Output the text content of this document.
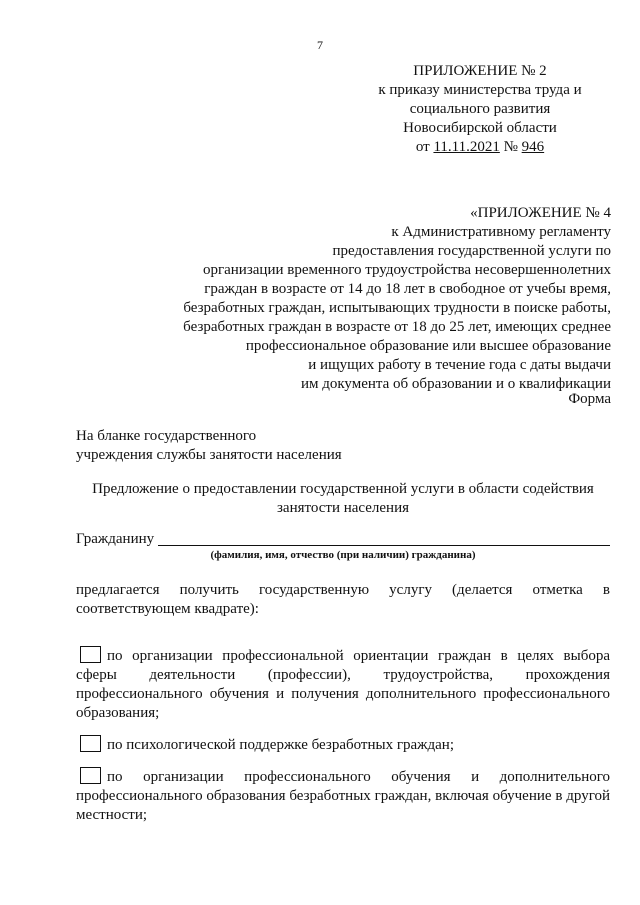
7
ПРИЛОЖЕНИЕ № 2
к приказу министерства труда и
социального развития
Новосибирской области
от 11.11.2021 № 946
«ПРИЛОЖЕНИЕ № 4
к Административному регламенту
предоставления государственной услуги по
организации временного трудоустройства несовершеннолетних
граждан в возрасте от 14 до 18 лет в свободное от учебы время,
безработных граждан, испытывающих трудности в поиске работы,
безработных граждан в возрасте от 18 до 25 лет, имеющих среднее
профессиональное образование или высшее образование
и ищущих работу в течение года с даты выдачи
им документа об образовании и о квалификации
Форма
На бланке государственного
учреждения службы занятости населения
Предложение о предоставлении государственной услуги в области содействия
занятости населения
Гражданину
(фамилия, имя, отчество (при наличии) гражданина)
предлагается получить государственную услугу (делается отметка в соответствующем квадрате):
по организации профессиональной ориентации граждан в целях выбора сферы деятельности (профессии), трудоустройства, прохождения профессионального обучения и получения дополнительного профессионального образования;
по психологической поддержке безработных граждан;
по организации профессионального обучения и дополнительного профессионального образования безработных граждан, включая обучение в другой местности;
